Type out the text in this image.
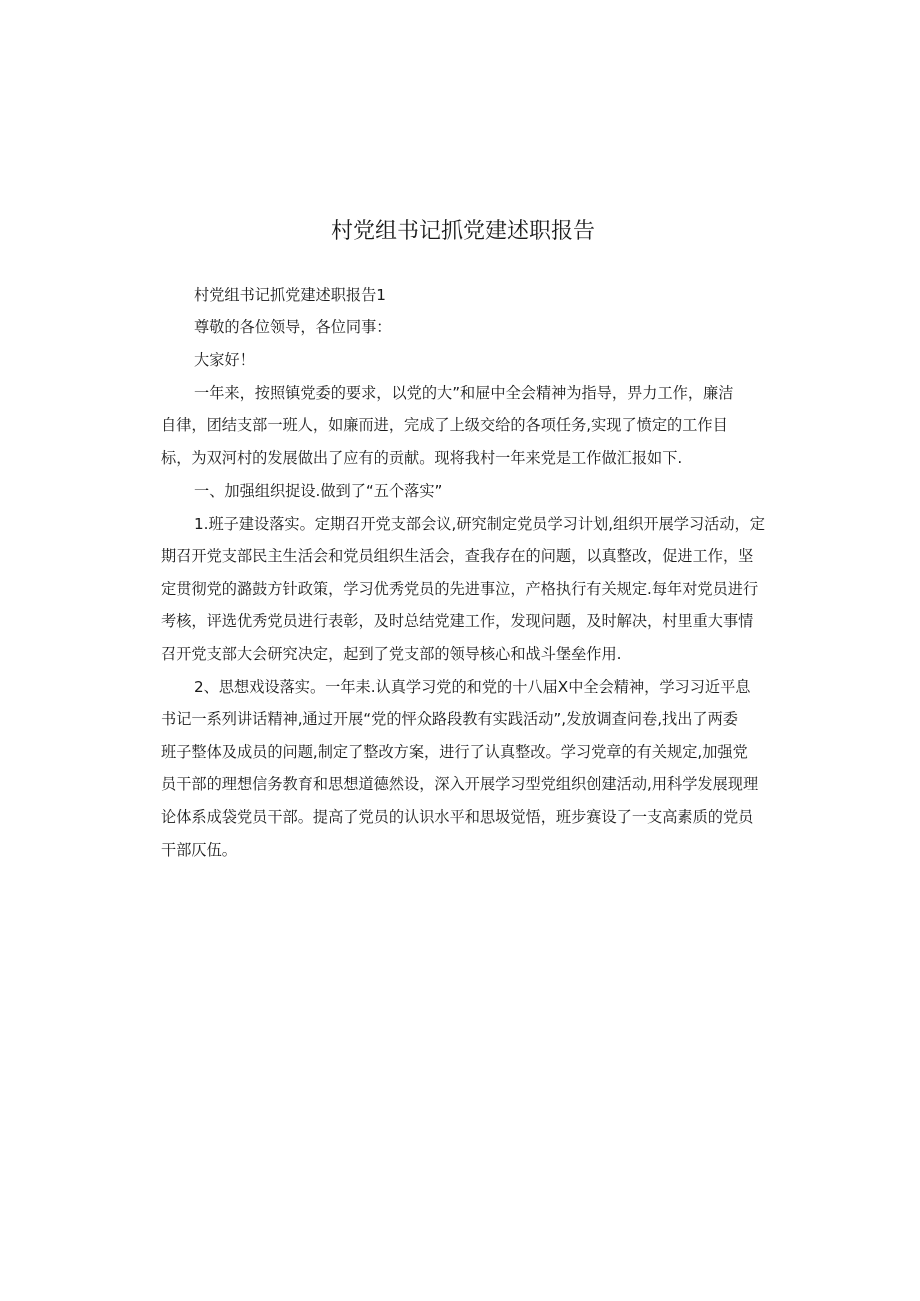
村党组书记抓党建述职报告

村党组书记抓党建述职报告1

尊敬的各位领导，各位同事：

大家好！

一年来，按照镇党委的要求，以党的大”和屉中全会精神为指导，畀力工作，廉洁

自律，团结支部一班人，如廉而进，完成了上级交给的各项任务,实现了愤定的工作目

标，为双河村的发展做出了应有的贡献。现将我村一年来党是工作做汇报如下.

一、加强组织捉设.做到了“五个落实”

1.班子建设落实。定期召开党支部会议,研究制定党员学习计划,组织开展学习活动，定

期召开党支部民主生活会和党员组织生活会，查我存在的问题，以真整改，促进工作，坚

定贯彻党的潞鼓方针政策，学习优秀党员的先进事泣，产格执行有关规定.每年对党员进行

考核，评选优秀党员进行表彰，及时总结党建工作，发现问题，及时解决，村里重大事情

召开党支部大会研究决定，起到了党支部的领导核心和战斗堡垒作用.

2、思想戏设落实。一年耒.认真学习党的和党的十八届X中全会精神，学习习近平息

书记一系列讲话精神,通过开展“党的怦众路段教有实践活动”,发放调查问卷,找出了两委

班子整体及成员的问题,制定了整改方案，进行了认真整改。学习党章的有关规定,加强党

员干部的理想信务教育和思想道德然设，深入开展学习型党组织创建活动,用科学发展现理

论体系成袋党员干部。提高了党员的认识水平和思圾觉悟，班步赛设了一支高素质的党员

干部仄伍。
